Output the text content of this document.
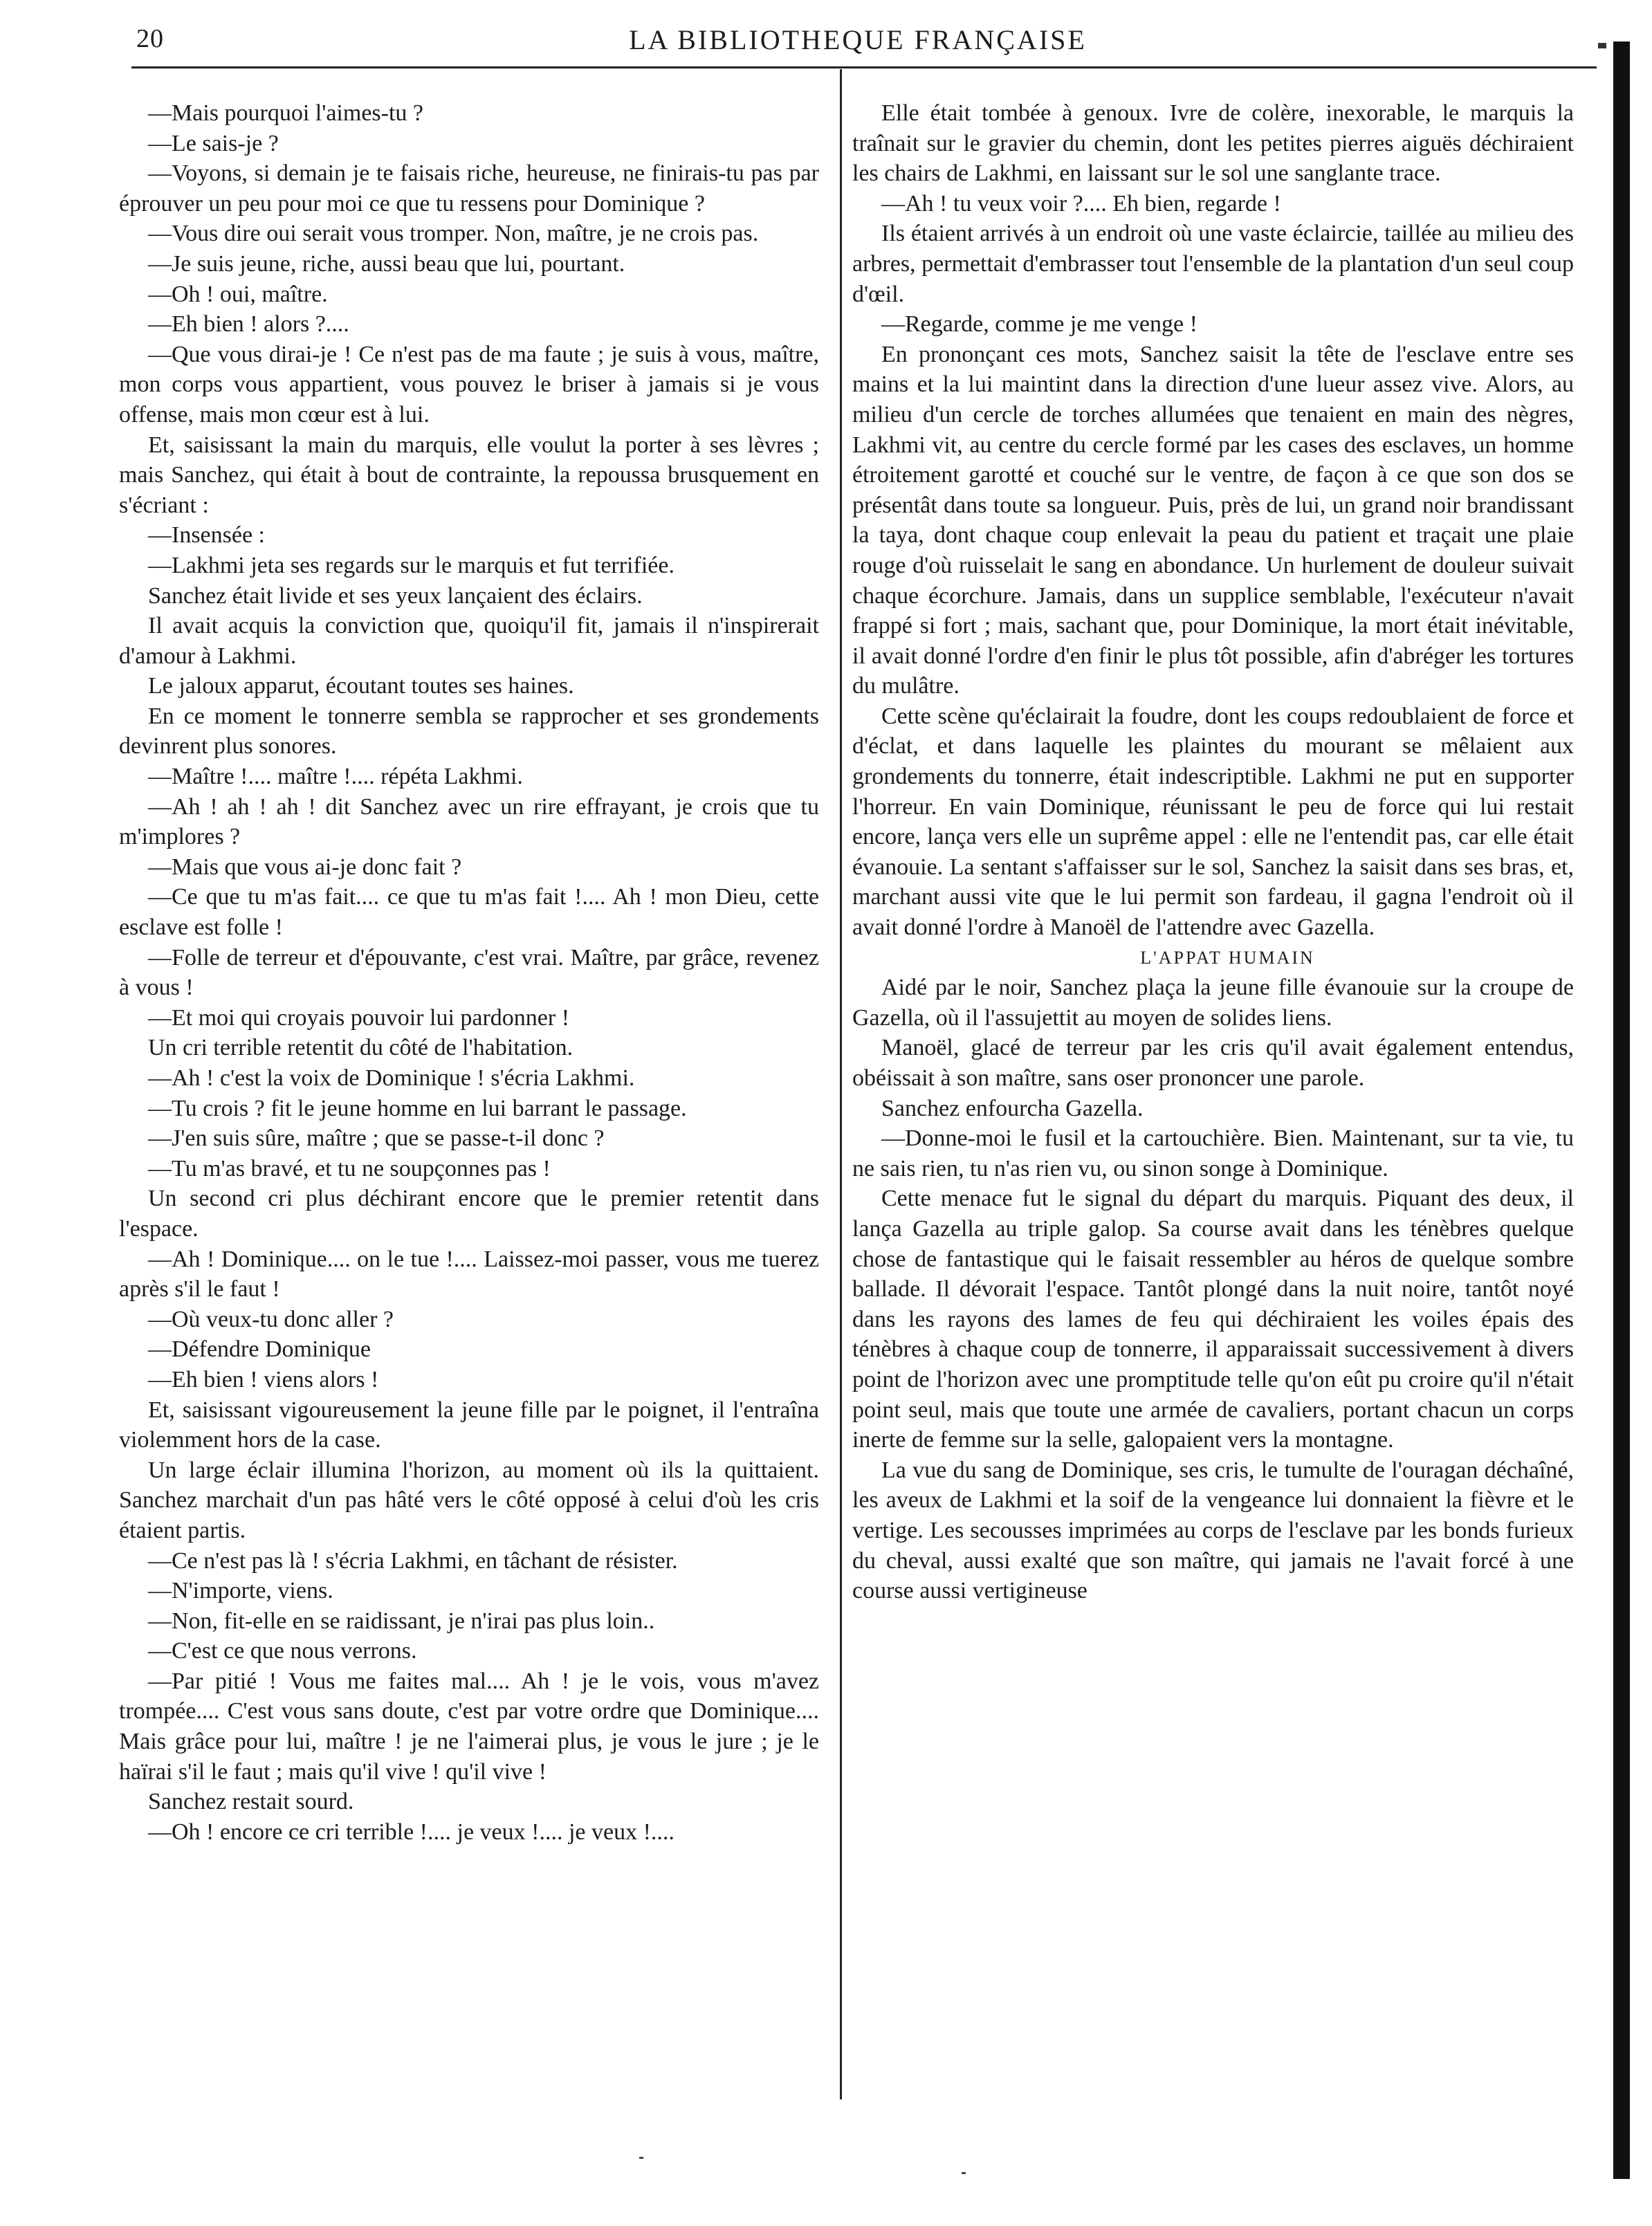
20	LA BIBLIOTHEQUE FRANÇAISE

—Mais pourquoi l'aimes-tu ?

—Le sais-je ?

—Voyons, si demain je te faisais riche, heureuse, ne finirais-tu pas par éprouver un peu pour moi ce que tu ressens pour Dominique ?

—Vous dire oui serait vous tromper. Non, maître, je ne crois pas.

—Je suis jeune, riche, aussi beau que lui, pourtant.

—Oh ! oui, maître.

—Eh bien ! alors ?....

—Que vous dirai-je ! Ce n'est pas de ma faute ; je suis à vous, maître, mon corps vous appartient, vous pouvez le briser à jamais si je vous offense, mais mon cœur est à lui.

Et, saisissant la main du marquis, elle voulut la porter à ses lèvres ; mais Sanchez, qui était à bout de contrainte, la repoussa brusquement en s'écriant :

—Insensée :

—Lakhmi jeta ses regards sur le marquis et fut terrifiée.

Sanchez était livide et ses yeux lançaient des éclairs.

Il avait acquis la conviction que, quoiqu'il fit, jamais il n'inspirerait d'amour à Lakhmi.

Le jaloux apparut, écoutant toutes ses haines.

En ce moment le tonnerre sembla se rapprocher et ses grondements devinrent plus sonores.

—Maître !.... maître !.... répéta Lakhmi.

—Ah ! ah ! ah ! dit Sanchez avec un rire effrayant, je crois que tu m'implores ?

—Mais que vous ai-je donc fait ?

—Ce que tu m'as fait.... ce que tu m'as fait !.... Ah ! mon Dieu, cette esclave est folle !

—Folle de terreur et d'épouvante, c'est vrai. Maître, par grâce, revenez à vous !

—Et moi qui croyais pouvoir lui pardonner !

Un cri terrible retentit du côté de l'habitation.

—Ah ! c'est la voix de Dominique ! s'écria Lakhmi.

—Tu crois ? fit le jeune homme en lui barrant le passage.

—J'en suis sûre, maître ; que se passe-t-il donc ?

—Tu m'as bravé, et tu ne soupçonnes pas !

Un second cri plus déchirant encore que le premier retentit dans l'espace.

—Ah ! Dominique.... on le tue !.... Laissez-moi passer, vous me tuerez après s'il le faut !

—Où veux-tu donc aller ?

—Défendre Dominique

—Eh bien ! viens alors !

Et, saisissant vigoureusement la jeune fille par le poignet, il l'entraîna violemment hors de la case.

Un large éclair illumina l'horizon, au moment où ils la quittaient. Sanchez marchait d'un pas hâté vers le côté opposé à celui d'où les cris étaient partis.

—Ce n'est pas là ! s'écria Lakhmi, en tâchant de résister.

—N'importe, viens.

—Non, fit-elle en se raidissant, je n'irai pas plus loin..

—C'est ce que nous verrons.

—Par pitié ! Vous me faites mal.... Ah ! je le vois, vous m'avez trompée.... C'est vous sans doute, c'est par votre ordre que Dominique.... Mais grâce pour lui, maître ! je ne l'aimerai plus, je vous le jure ; je le haïrai s'il le faut ; mais qu'il vive ! qu'il vive !

Sanchez restait sourd.

—Oh ! encore ce cri terrible !.... je veux !.... je veux !....

Elle était tombée à genoux. Ivre de colère, inexorable, le marquis la traînait sur le gravier du chemin, dont les petites pierres aiguës déchiraient les chairs de Lakhmi, en laissant sur le sol une sanglante trace.

—Ah ! tu veux voir ?.... Eh bien, regarde !

Ils étaient arrivés à un endroit où une vaste éclaircie, taillée au milieu des arbres, permettait d'embrasser tout l'ensemble de la plantation d'un seul coup d'œil.

—Regarde, comme je me venge !

En prononçant ces mots, Sanchez saisit la tête de l'esclave entre ses mains et la lui maintint dans la direction d'une lueur assez vive. Alors, au milieu d'un cercle de torches allumées que tenaient en main des nègres, Lakhmi vit, au centre du cercle formé par les cases des esclaves, un homme étroitement garotté et couché sur le ventre, de façon à ce que son dos se présentât dans toute sa longueur. Puis, près de lui, un grand noir brandissant la taya, dont chaque coup enlevait la peau du patient et traçait une plaie rouge d'où ruisselait le sang en abondance. Un hurlement de douleur suivait chaque écorchure. Jamais, dans un supplice semblable, l'exécuteur n'avait frappé si fort ; mais, sachant que, pour Dominique, la mort était inévitable, il avait donné l'ordre d'en finir le plus tôt possible, afin d'abréger les tortures du mulâtre.

Cette scène qu'éclairait la foudre, dont les coups redoublaient de force et d'éclat, et dans laquelle les plaintes du mourant se mêlaient aux grondements du tonnerre, était indescriptible. Lakhmi ne put en supporter l'horreur. En vain Dominique, réunissant le peu de force qui lui restait encore, lança vers elle un suprême appel : elle ne l'entendit pas, car elle était évanouie. La sentant s'affaisser sur le sol, Sanchez la saisit dans ses bras, et, marchant aussi vite que le lui permit son fardeau, il gagna l'endroit où il avait donné l'ordre à Manoël de l'attendre avec Gazella.

L'APPAT HUMAIN

Aidé par le noir, Sanchez plaça la jeune fille évanouie sur la croupe de Gazella, où il l'assujettit au moyen de solides liens.

Manoël, glacé de terreur par les cris qu'il avait également entendus, obéissait à son maître, sans oser prononcer une parole.

Sanchez enfourcha Gazella.

—Donne-moi le fusil et la cartouchière. Bien. Maintenant, sur ta vie, tu ne sais rien, tu n'as rien vu, ou sinon songe à Dominique.

Cette menace fut le signal du départ du marquis. Piquant des deux, il lança Gazella au triple galop. Sa course avait dans les ténèbres quelque chose de fantastique qui le faisait ressembler au héros de quelque sombre ballade. Il dévorait l'espace. Tantôt plongé dans la nuit noire, tantôt noyé dans les rayons des lames de feu qui déchiraient les voiles épais des ténèbres à chaque coup de tonnerre, il apparaissait successivement à divers point de l'horizon avec une promptitude telle qu'on eût pu croire qu'il n'était point seul, mais que toute une armée de cavaliers, portant chacun un corps inerte de femme sur la selle, galopaient vers la montagne.

La vue du sang de Dominique, ses cris, le tumulte de l'ouragan déchaîné, les aveux de Lakhmi et la soif de la vengeance lui donnaient la fièvre et le vertige. Les secousses imprimées au corps de l'esclave par les bonds furieux du cheval, aussi exalté que son maître, qui jamais ne l'avait forcé à une course aussi vertigineuse
